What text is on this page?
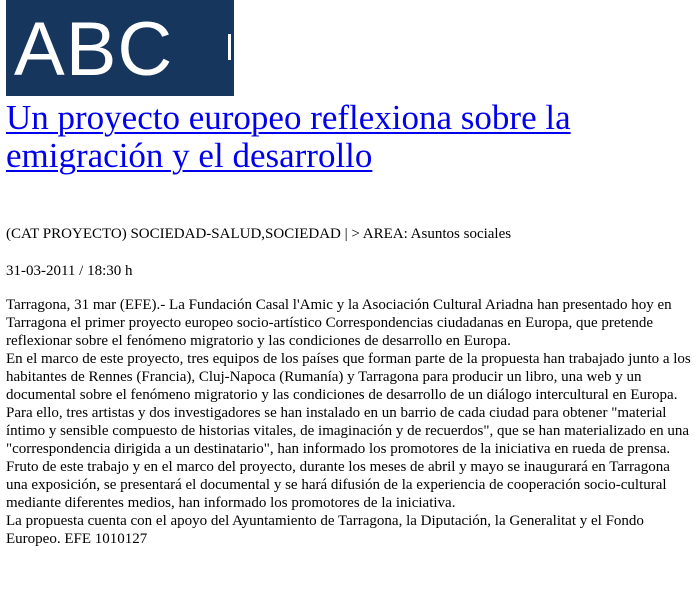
ABC
Un proyecto europeo reflexiona sobre la emigración y el desarrollo
(CAT PROYECTO) SOCIEDAD-SALUD,SOCIEDAD | > AREA: Asuntos sociales
31-03-2011 / 18:30 h

Tarragona, 31 mar (EFE).- La Fundación Casal l'Amic y la Asociación Cultural Ariadna han presentado hoy en Tarragona el primer proyecto europeo socio-artístico Correspondencias ciudadanas en Europa, que pretende reflexionar sobre el fenómeno migratorio y las condiciones de desarrollo en Europa.

En el marco de este proyecto, tres equipos de los países que forman parte de la propuesta han trabajado junto a los habitantes de Rennes (Francia), Cluj-Napoca (Rumanía) y Tarragona para producir un libro, una web y un documental sobre el fenómeno migratorio y las condiciones de desarrollo de un diálogo intercultural en Europa.

Para ello, tres artistas y dos investigadores se han instalado en un barrio de cada ciudad para obtener "material íntimo y sensible compuesto de historias vitales, de imaginación y de recuerdos", que se han materializado en una "correspondencia dirigida a un destinatario", han informado los promotores de la iniciativa en rueda de prensa.

Fruto de este trabajo y en el marco del proyecto, durante los meses de abril y mayo se inaugurará en Tarragona una exposición, se presentará el documental y se hará difusión de la experiencia de cooperación socio-cultural mediante diferentes medios, han informado los promotores de la iniciativa.

La propuesta cuenta con el apoyo del Ayuntamiento de Tarragona, la Diputación, la Generalitat y el Fondo Europeo. EFE 1010127
